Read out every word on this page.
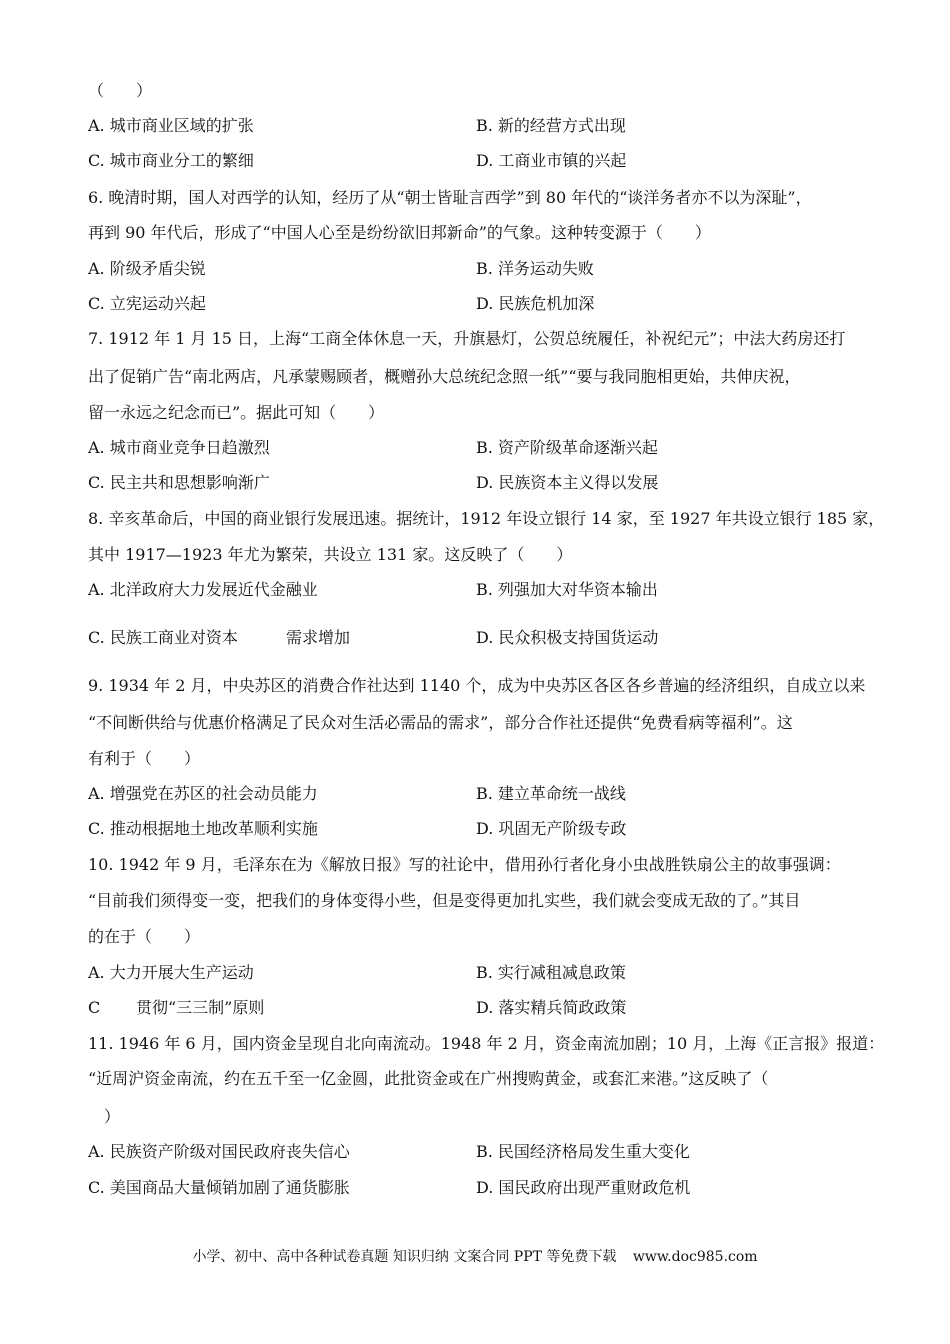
（　　）
A. 城市商业区域的扩张	B. 新的经营方式出现
C. 城市商业分工的繁细	D. 工商业市镇的兴起
6. 晚清时期，国人对西学的认知，经历了从“朝士皆耻言西学”到 80 年代的“谈洋务者亦不以为深耻”，
再到 90 年代后，形成了“中国人心至是纷纷欲旧邦新命”的气象。这种转变源于（　　）
A. 阶级矛盾尖锐	B. 洋务运动失败
C. 立宪运动兴起	D. 民族危机加深
7. 1912 年 1 月 15 日，上海“工商全体休息一天，升旗悬灯，公贺总统履任，补祝纪元”；中法大药房还打
出了促销广告“南北两店，凡承蒙赐顾者，概赠孙大总统纪念照一纸”“要与我同胞相更始，共伸庆祝，
留一永远之纪念而已”。据此可知（　　）
A. 城市商业竞争日趋激烈	B. 资产阶级革命逐渐兴起
C. 民主共和思想影响渐广	D. 民族资本主义得以发展
8. 辛亥革命后，中国的商业银行发展迅速。据统计，1912 年设立银行 14 家，至 1927 年共设立银行 185 家，
其中 1917—1923 年尤为繁荣，共设立 131 家。这反映了（　　）
A. 北洋政府大力发展近代金融业	B. 列强加大对华资本输出
C. 民族工商业对资本	需求增加	D. 民众积极支持国货运动
9. 1934 年 2 月，中央苏区的消费合作社达到 1140 个，成为中央苏区各区各乡普遍的经济组织，自成立以来
“不间断供给与优惠价格满足了民众对生活必需品的需求”，部分合作社还提供“免费看病等福利”。这
有利于（　　）
A. 增强党在苏区的社会动员能力	B. 建立革命统一战线
C. 推动根据地土地改革顺利实施	D. 巩固无产阶级专政
10. 1942 年 9 月，毛泽东在为《解放日报》写的社论中，借用孙行者化身小虫战胜铁扇公主的故事强调：
“目前我们须得变一变，把我们的身体变得小些，但是变得更加扎实些，我们就会变成无敌的了。”其目
的在于（　　）
A. 大力开展大生产运动	B. 实行减租减息政策
C 贯彻“三三制”原则	D. 落实精兵简政政策
11. 1946 年 6 月，国内资金呈现自北向南流动。1948 年 2 月，资金南流加剧；10 月，上海《正言报》报道：
“近周沪资金南流，约在五千至一亿金圆，此批资金或在广州搜购黄金，或套汇来港。”这反映了（
）
A. 民族资产阶级对国民政府丧失信心	B. 民国经济格局发生重大变化
C. 美国商品大量倾销加剧了通货膨胀	D. 国民政府出现严重财政危机
小学、初中、高中各种试卷真题 知识归纳 文案合同 PPT 等免费下载 www.doc985.com
